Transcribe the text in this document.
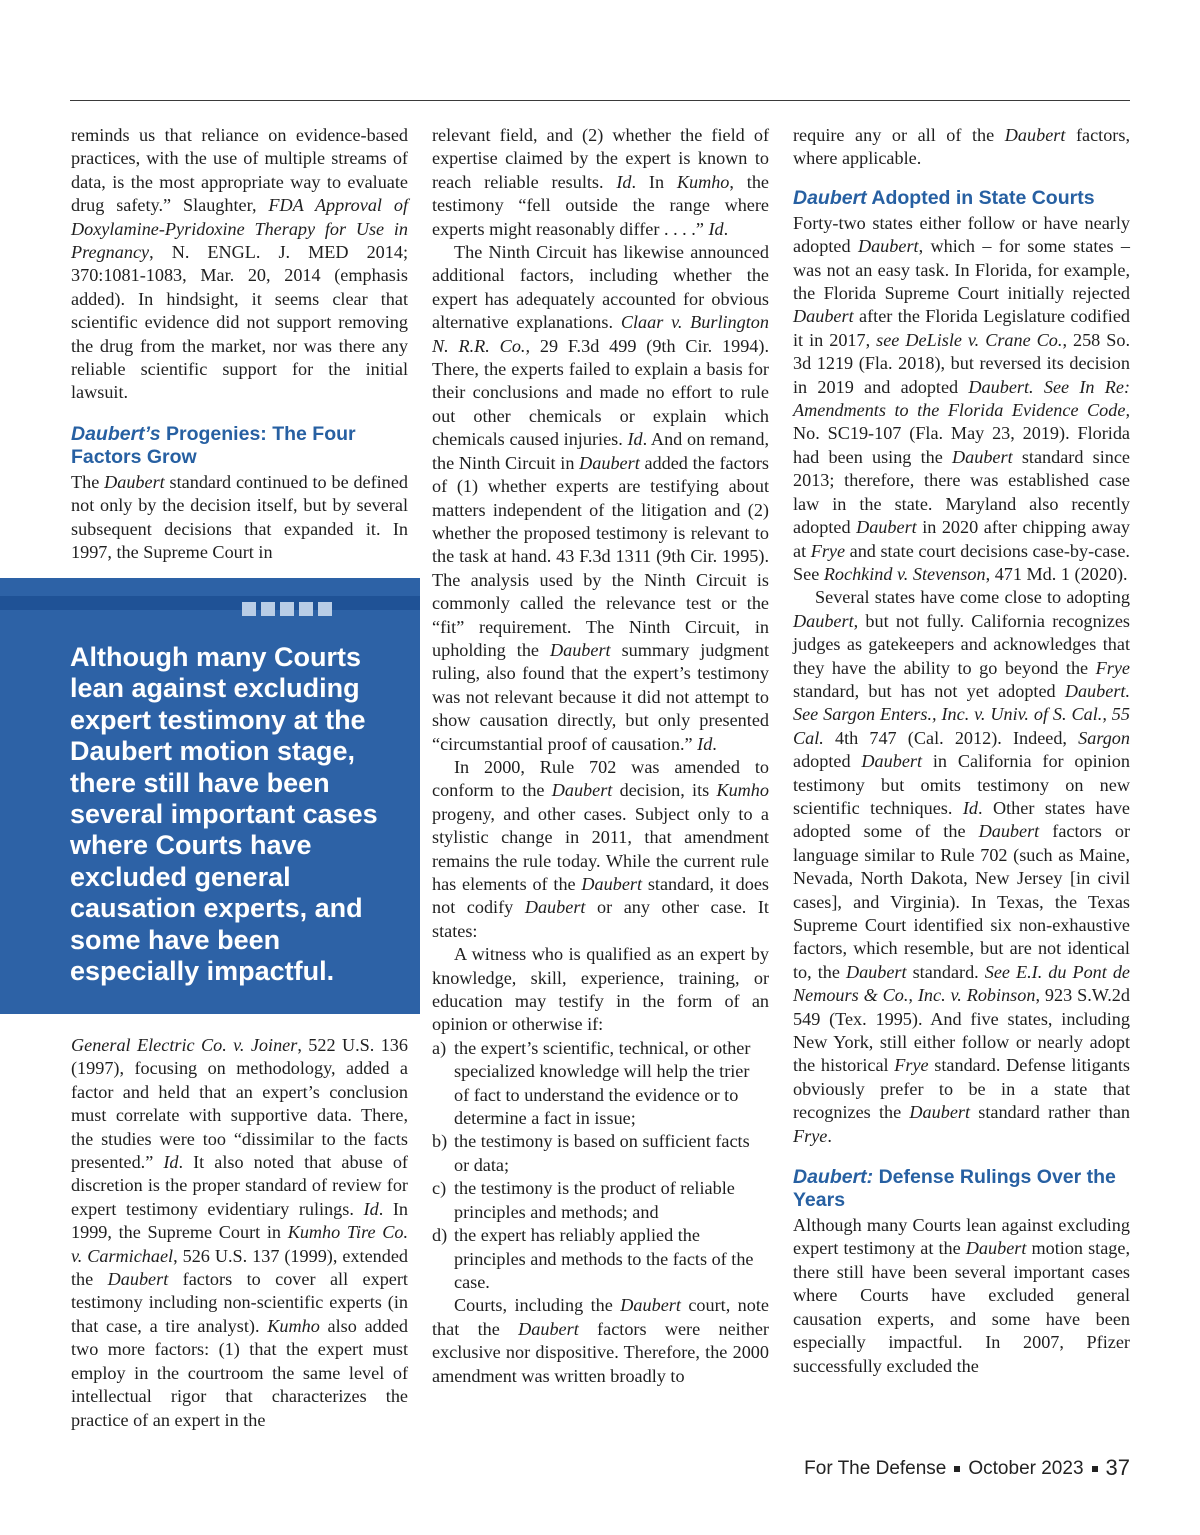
reminds us that reliance on evidence-based practices, with the use of multiple streams of data, is the most appropriate way to evaluate drug safety.” Slaughter, FDA Approval of Doxylamine-Pyridoxine Therapy for Use in Pregnancy, N. ENGL. J. MED 2014; 370:1081-1083, Mar. 20, 2014 (emphasis added). In hindsight, it seems clear that scientific evidence did not support removing the drug from the market, nor was there any reliable scientific support for the initial lawsuit.

Daubert’s Progenies: The Four Factors Grow

The Daubert standard continued to be defined not only by the decision itself, but by several subsequent decisions that expanded it. In 1997, the Supreme Court in

Although many Courts lean against excluding expert testimony at the Daubert motion stage, there still have been several important cases where Courts have excluded general causation experts, and some have been especially impactful.

General Electric Co. v. Joiner, 522 U.S. 136 (1997), focusing on methodology, added a factor and held that an expert’s conclusion must correlate with supportive data. There, the studies were too “dissimilar to the facts presented.” Id. It also noted that abuse of discretion is the proper standard of review for expert testimony evidentiary rulings. Id. In 1999, the Supreme Court in Kumho Tire Co. v. Carmichael, 526 U.S. 137 (1999), extended the Daubert factors to cover all expert testimony including non-scientific experts (in that case, a tire analyst). Kumho also added two more factors: (1) that the expert must employ in the courtroom the same level of intellectual rigor that characterizes the practice of an expert in the

relevant field, and (2) whether the field of expertise claimed by the expert is known to reach reliable results. Id. In Kumho, the testimony “fell outside the range where experts might reasonably differ . . . .” Id.

The Ninth Circuit has likewise announced additional factors, including whether the expert has adequately accounted for obvious alternative explanations. Claar v. Burlington N. R.R. Co., 29 F.3d 499 (9th Cir. 1994). There, the experts failed to explain a basis for their conclusions and made no effort to rule out other chemicals or explain which chemicals caused injuries. Id. And on remand, the Ninth Circuit in Daubert added the factors of (1) whether experts are testifying about matters independent of the litigation and (2) whether the proposed testimony is relevant to the task at hand. 43 F.3d 1311 (9th Cir. 1995). The analysis used by the Ninth Circuit is commonly called the relevance test or the “fit” requirement. The Ninth Circuit, in upholding the Daubert summary judgment ruling, also found that the expert’s testimony was not relevant because it did not attempt to show causation directly, but only presented “circumstantial proof of causation.” Id.

In 2000, Rule 702 was amended to conform to the Daubert decision, its Kumho progeny, and other cases. Subject only to a stylistic change in 2011, that amendment remains the rule today. While the current rule has elements of the Daubert standard, it does not codify Daubert or any other case. It states:

A witness who is qualified as an expert by knowledge, skill, experience, training, or education may testify in the form of an opinion or otherwise if:

a) the expert’s scientific, technical, or other specialized knowledge will help the trier of fact to understand the evidence or to determine a fact in issue;
b) the testimony is based on sufficient facts or data;
c) the testimony is the product of reliable principles and methods; and
d) the expert has reliably applied the principles and methods to the facts of the case.

Courts, including the Daubert court, note that the Daubert factors were neither exclusive nor dispositive. Therefore, the 2000 amendment was written broadly to

require any or all of the Daubert factors, where applicable.

Daubert Adopted in State Courts

Forty-two states either follow or have nearly adopted Daubert, which – for some states – was not an easy task. In Florida, for example, the Florida Supreme Court initially rejected Daubert after the Florida Legislature codified it in 2017, see DeLisle v. Crane Co., 258 So. 3d 1219 (Fla. 2018), but reversed its decision in 2019 and adopted Daubert. See In Re: Amendments to the Florida Evidence Code, No. SC19-107 (Fla. May 23, 2019). Florida had been using the Daubert standard since 2013; therefore, there was established case law in the state. Maryland also recently adopted Daubert in 2020 after chipping away at Frye and state court decisions case-by-case. See Rochkind v. Stevenson, 471 Md. 1 (2020).

Several states have come close to adopting Daubert, but not fully. California recognizes judges as gatekeepers and acknowledges that they have the ability to go beyond the Frye standard, but has not yet adopted Daubert. See Sargon Enters., Inc. v. Univ. of S. Cal., 55 Cal. 4th 747 (Cal. 2012). Indeed, Sargon adopted Daubert in California for opinion testimony but omits testimony on new scientific techniques. Id. Other states have adopted some of the Daubert factors or language similar to Rule 702 (such as Maine, Nevada, North Dakota, New Jersey [in civil cases], and Virginia). In Texas, the Texas Supreme Court identified six non-exhaustive factors, which resemble, but are not identical to, the Daubert standard. See E.I. du Pont de Nemours & Co., Inc. v. Robinson, 923 S.W.2d 549 (Tex. 1995). And five states, including New York, still either follow or nearly adopt the historical Frye standard. Defense litigants obviously prefer to be in a state that recognizes the Daubert standard rather than Frye.

Daubert: Defense Rulings Over the Years

Although many Courts lean against excluding expert testimony at the Daubert motion stage, there still have been several important cases where Courts have excluded general causation experts, and some have been especially impactful. In 2007, Pfizer successfully excluded the

For The Defense October 2023 37
